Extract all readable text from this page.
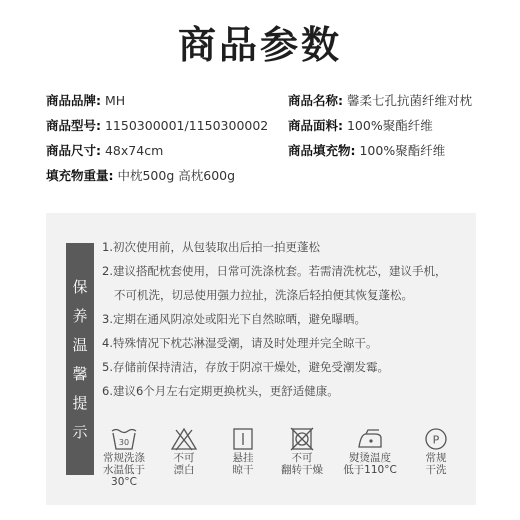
商品参数
商品品牌: MH	商品名称: 馨柔七孔抗菌纤维对枕
商品型号: 1150300001/1150300002 商品面料: 100%聚酯纤维
商品尺寸: 48x74cm	商品填充物: 100%聚酯纤维
填充物重量: 中枕500g 高枕600g
保
养
温
馨
提
示
1.初次使用前，从包装取出后拍一拍更蓬松
2.建议搭配枕套使用，日常可洗涤枕套。若需清洗枕芯，建议手机，
不可机洗，切忌使用强力拉扯，洗涤后轻拍便其恢复蓬松。
3.定期在通风阴凉处或阳光下自然晾晒，避免曝晒。
4.特殊情况下枕芯淋湿受潮，请及时处理并完全晾干。
5.存储前保持清洁，存放于阴凉干燥处，避免受潮发霉。
6.建议6个月左右定期更换枕头，更舒适健康。
30
常规洗涤
水温低于30°C
不可
漂白
悬挂
晾干
不可
翻转干燥
熨烫温度
低于110°C
P
常规
干洗
